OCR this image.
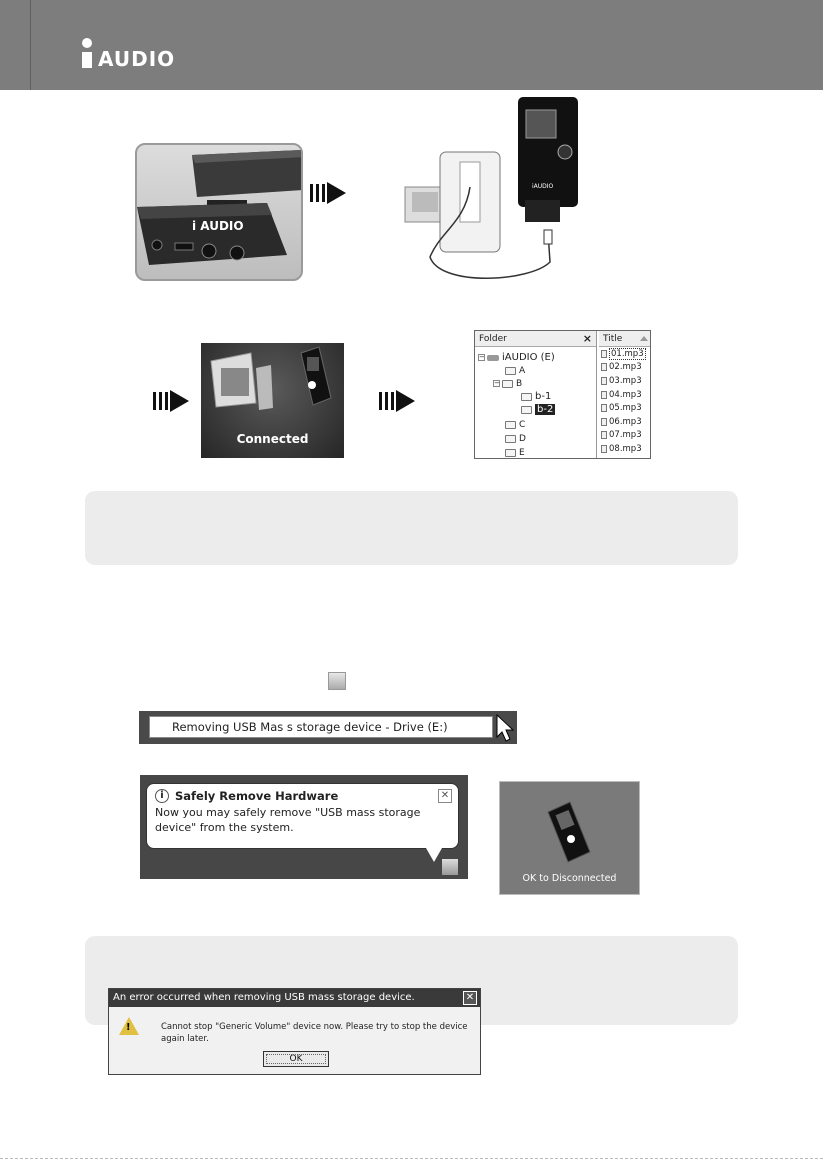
AUDIO
i AUDIO
iAUDIO
Connected
Folder	×
− iAUDIO (E)
A
− B
b-1
b-2
C
D
E
Title
01.mp3
02.mp3
03.mp3
04.mp3
05.mp3
06.mp3
07.mp3
08.mp3
Removing USB Mas s storage device - Drive (E:)
i Safely Remove Hardware
Now you may safely remove "USB mass storage
device" from the system.
✕
OK to Disconnected
An error occurred when removing USB mass storage device.	✕
!	Cannot stop "Generic Volume" device now. Please try to stop the device
again later.
OK
